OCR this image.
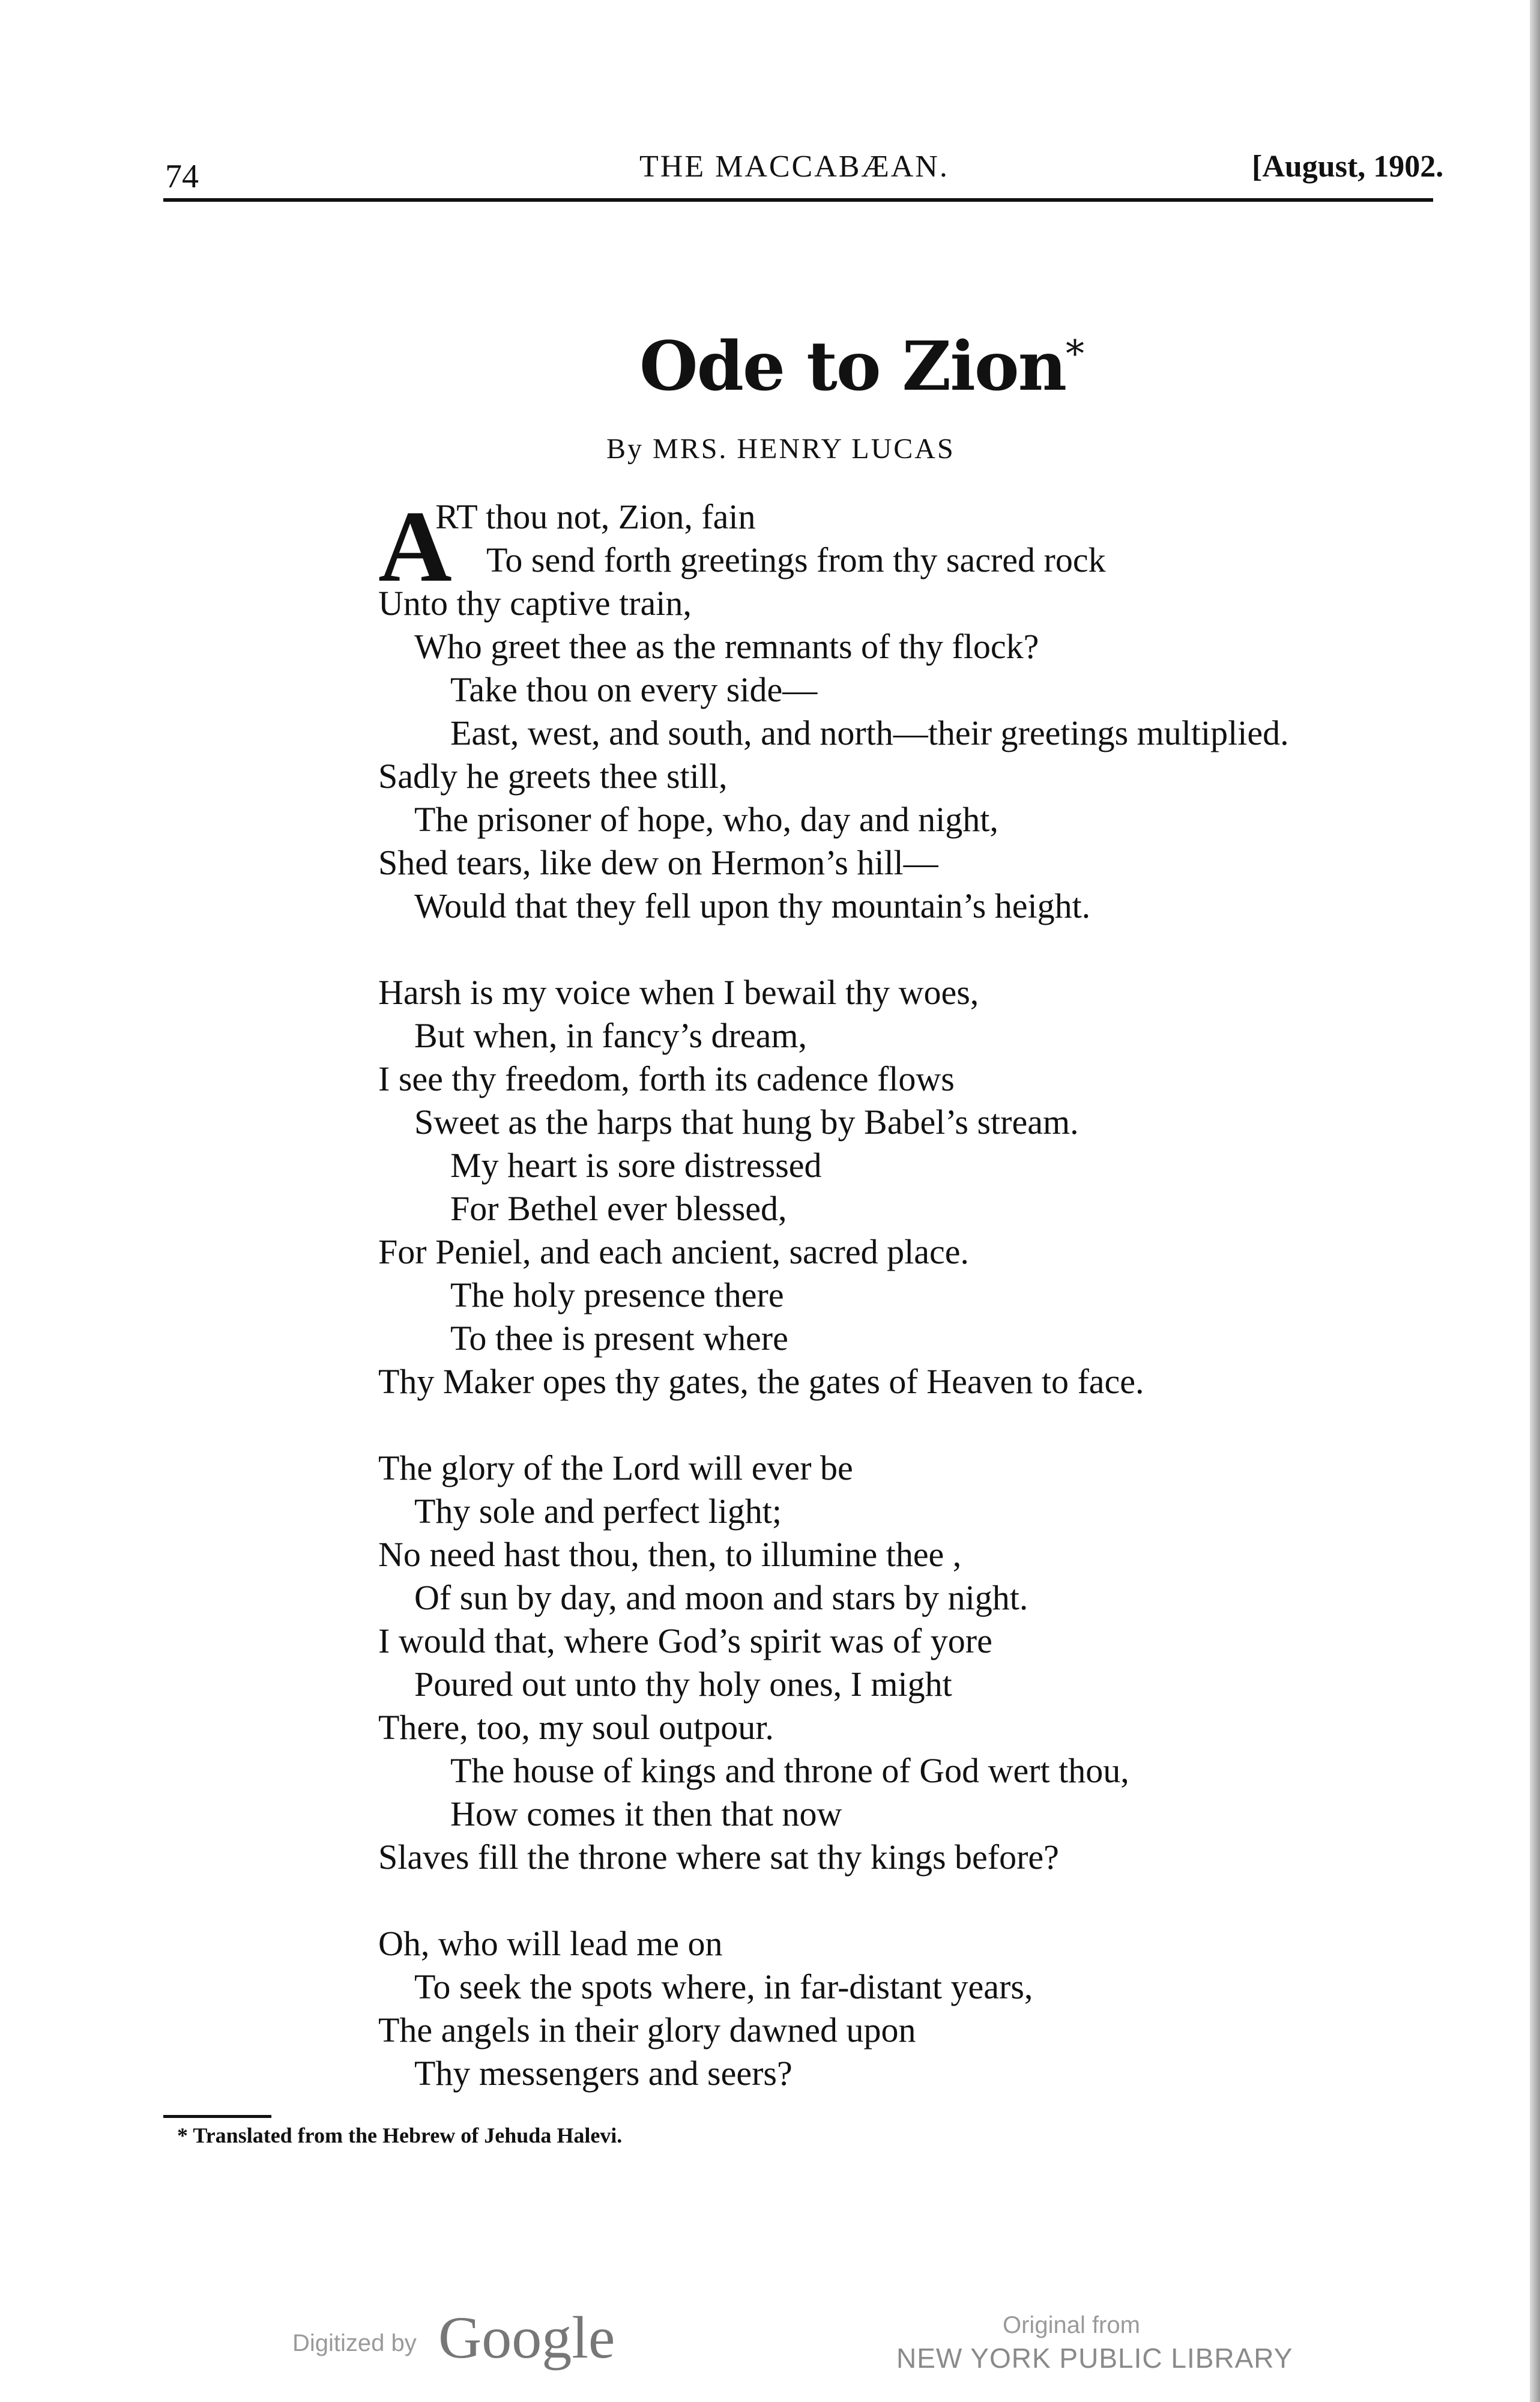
74	THE MACCABÆAN.	[August, 1902.
Ode to Zion*
By MRS. HENRY LUCAS
A
RT thou not, Zion, fain
To send forth greetings from thy sacred rock
Unto thy captive train,
Who greet thee as the remnants of thy flock?
Take thou on every side—
East, west, and south, and north—their greetings multiplied.
Sadly he greets thee still,
The prisoner of hope, who, day and night,
Shed tears, like dew on Hermon’s hill—
Would that they fell upon thy mountain’s height.
Harsh is my voice when I bewail thy woes,
But when, in fancy’s dream,
I see thy freedom, forth its cadence flows
Sweet as the harps that hung by Babel’s stream.
My heart is sore distressed
For Bethel ever blessed,
For Peniel, and each ancient, sacred place.
The holy presence there
To thee is present where
Thy Maker opes thy gates, the gates of Heaven to face.
The glory of the Lord will ever be
Thy sole and perfect light;
No need hast thou, then, to illumine thee ,
Of sun by day, and moon and stars by night.
I would that, where God’s spirit was of yore
Poured out unto thy holy ones, I might
There, too, my soul outpour.
The house of kings and throne of God wert thou,
How comes it then that now
Slaves fill the throne where sat thy kings before?
Oh, who will lead me on
To seek the spots where, in far-distant years,
The angels in their glory dawned upon
Thy messengers and seers?
* Translated from the Hebrew of Jehuda Halevi.
Digitized by Google	Original from
NEW YORK PUBLIC LIBRARY
